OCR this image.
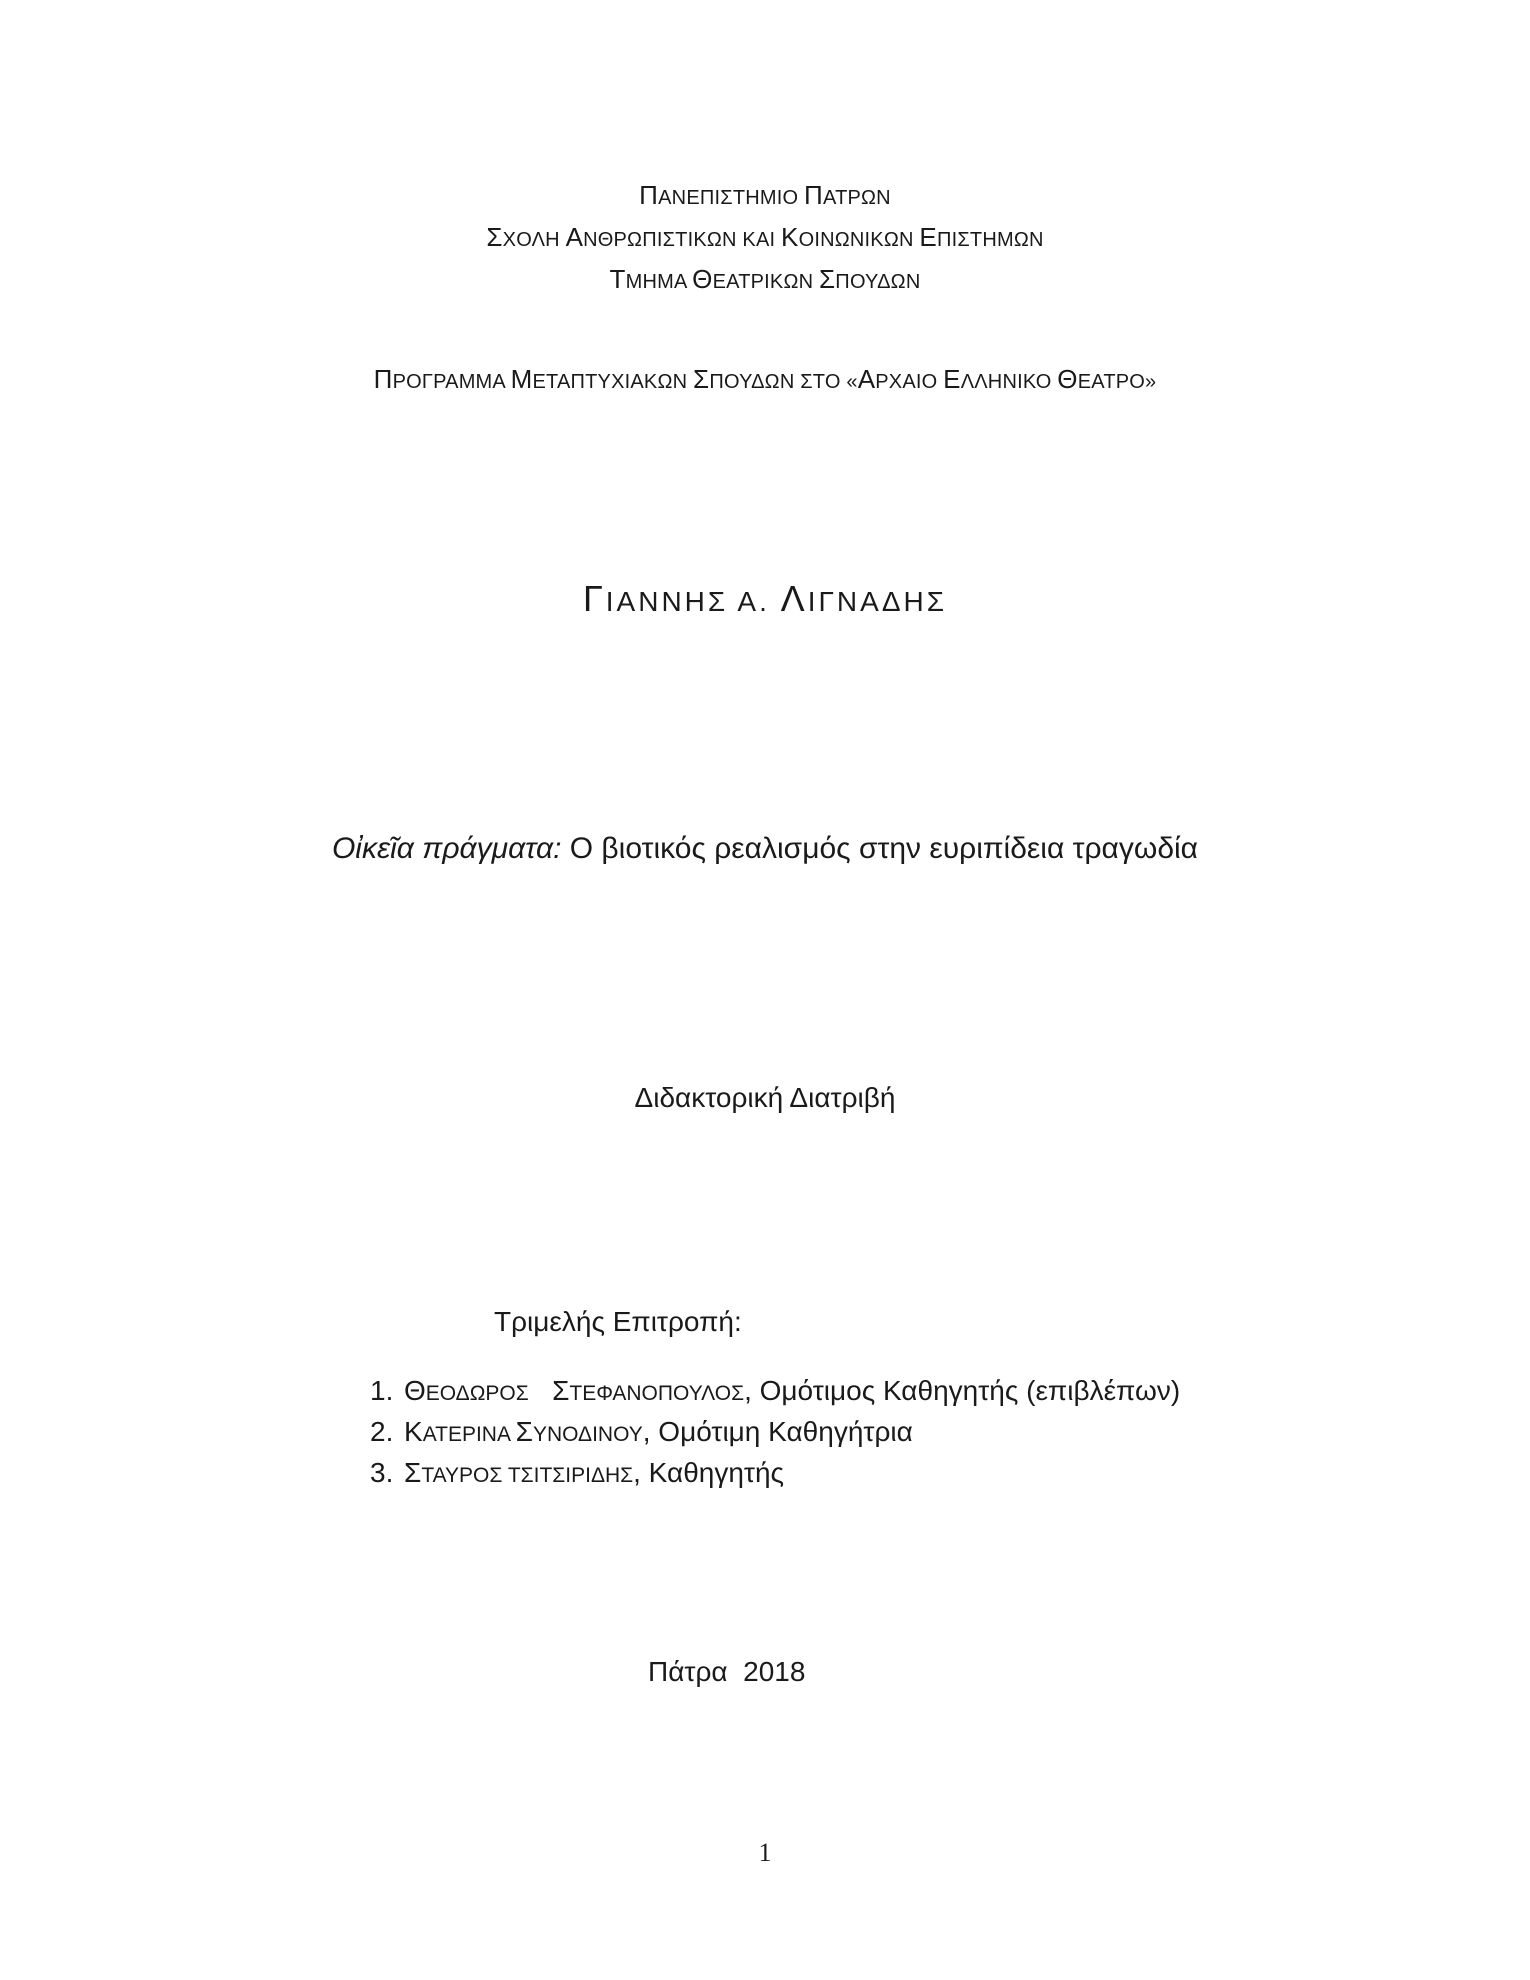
ΠΑΝΕΠΙΣΤΗΜΙΟ ΠΑΤΡΩΝ
ΣΧΟΛΗ ΑΝΘΡΩΠΙΣΤΙΚΩΝ ΚΑΙ ΚΟΙΝΩΝΙΚΩΝ ΕΠΙΣΤΗΜΩΝ
ΤΜΗΜΑ ΘΕΑΤΡΙΚΩΝ ΣΠΟΥΔΩΝ
ΠΡΟΓΡΑΜΜΑ ΜΕΤΑΠΤΥΧΙΑΚΩΝ ΣΠΟΥΔΩΝ ΣΤΟ «ΑΡΧΑΙΟ ΕΛΛΗΝΙΚΟ ΘΕΑΤΡΟ»
ΓΙΑΝΝΗΣ Α. ΛΙΓΝΑΔΗΣ
Οἰκεῖα πράγματα: Ο βιοτικός ρεαλισμός στην ευριπίδεια τραγωδία
Διδακτορική Διατριβή
Τριμελής Επιτροπή:
1. ΘΕΟΔΩΡΟΣ ΣΤΕΦΑΝΟΠΟΥΛΟΣ, Ομότιμος Καθηγητής (επιβλέπων)
2. ΚΑΤΕΡΙΝΑ ΣΥΝΟΔΙΝΟΥ, Ομότιμη Καθηγήτρια
3. ΣΤΑΥΡΟΣ ΤΣΙΤΣΙΡΙΔΗΣ, Καθηγητής
Πάτρα  2018
1
